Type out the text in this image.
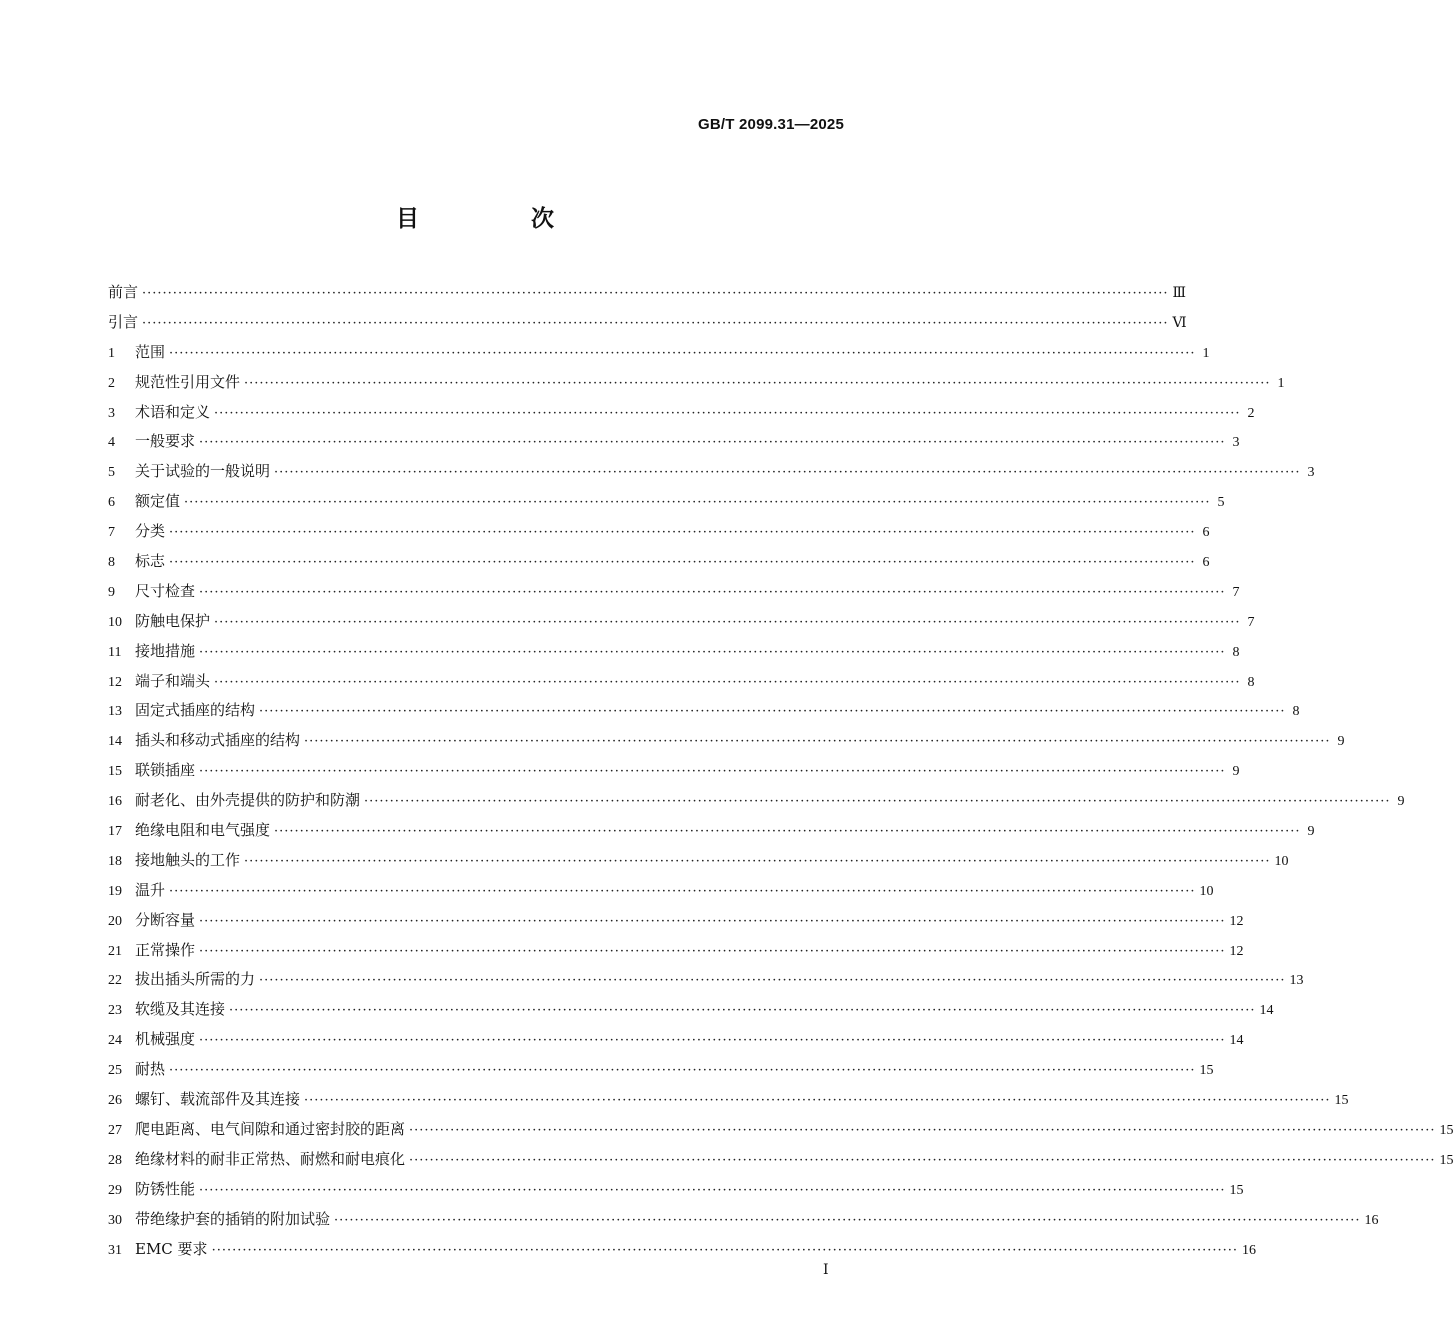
GB/T 2099.31—2025
目 次
前言 ········································································································································································································ Ⅲ
引言 ········································································································································································································ Ⅵ
1	范围 ········································································································································································································ 1
2	规范性引用文件 ········································································································································································································ 1
3	术语和定义 ········································································································································································································ 2
4	一般要求 ········································································································································································································ 3
5	关于试验的一般说明 ········································································································································································································ 3
6	额定值 ········································································································································································································ 5
7	分类 ········································································································································································································ 6
8	标志 ········································································································································································································ 6
9	尺寸检查 ········································································································································································································ 7
10 防触电保护 ········································································································································································································ 7
11 接地措施 ········································································································································································································ 8
12 端子和端头 ········································································································································································································ 8
13 固定式插座的结构 ········································································································································································································ 8
14 插头和移动式插座的结构 ········································································································································································································ 9
15 联锁插座 ········································································································································································································ 9
16 耐老化、由外壳提供的防护和防潮 ········································································································································································································ 9
17 绝缘电阻和电气强度 ········································································································································································································ 9
18 接地触头的工作 ········································································································································································································ 10
19 温升 ········································································································································································································ 10
20 分断容量 ········································································································································································································ 12
21 正常操作 ········································································································································································································ 12
22 拔出插头所需的力 ········································································································································································································ 13
23 软缆及其连接 ········································································································································································································ 14
24 机械强度 ········································································································································································································ 14
25 耐热 ········································································································································································································ 15
26 螺钉、载流部件及其连接 ········································································································································································································ 15
27 爬电距离、电气间隙和通过密封胶的距离 ········································································································································································································ 15
28 绝缘材料的耐非正常热、耐燃和耐电痕化 ········································································································································································································ 15
29 防锈性能 ········································································································································································································ 15
30 带绝缘护套的插销的附加试验 ········································································································································································································ 16
31 EMC 要求 ········································································································································································································ 16
Ⅰ
